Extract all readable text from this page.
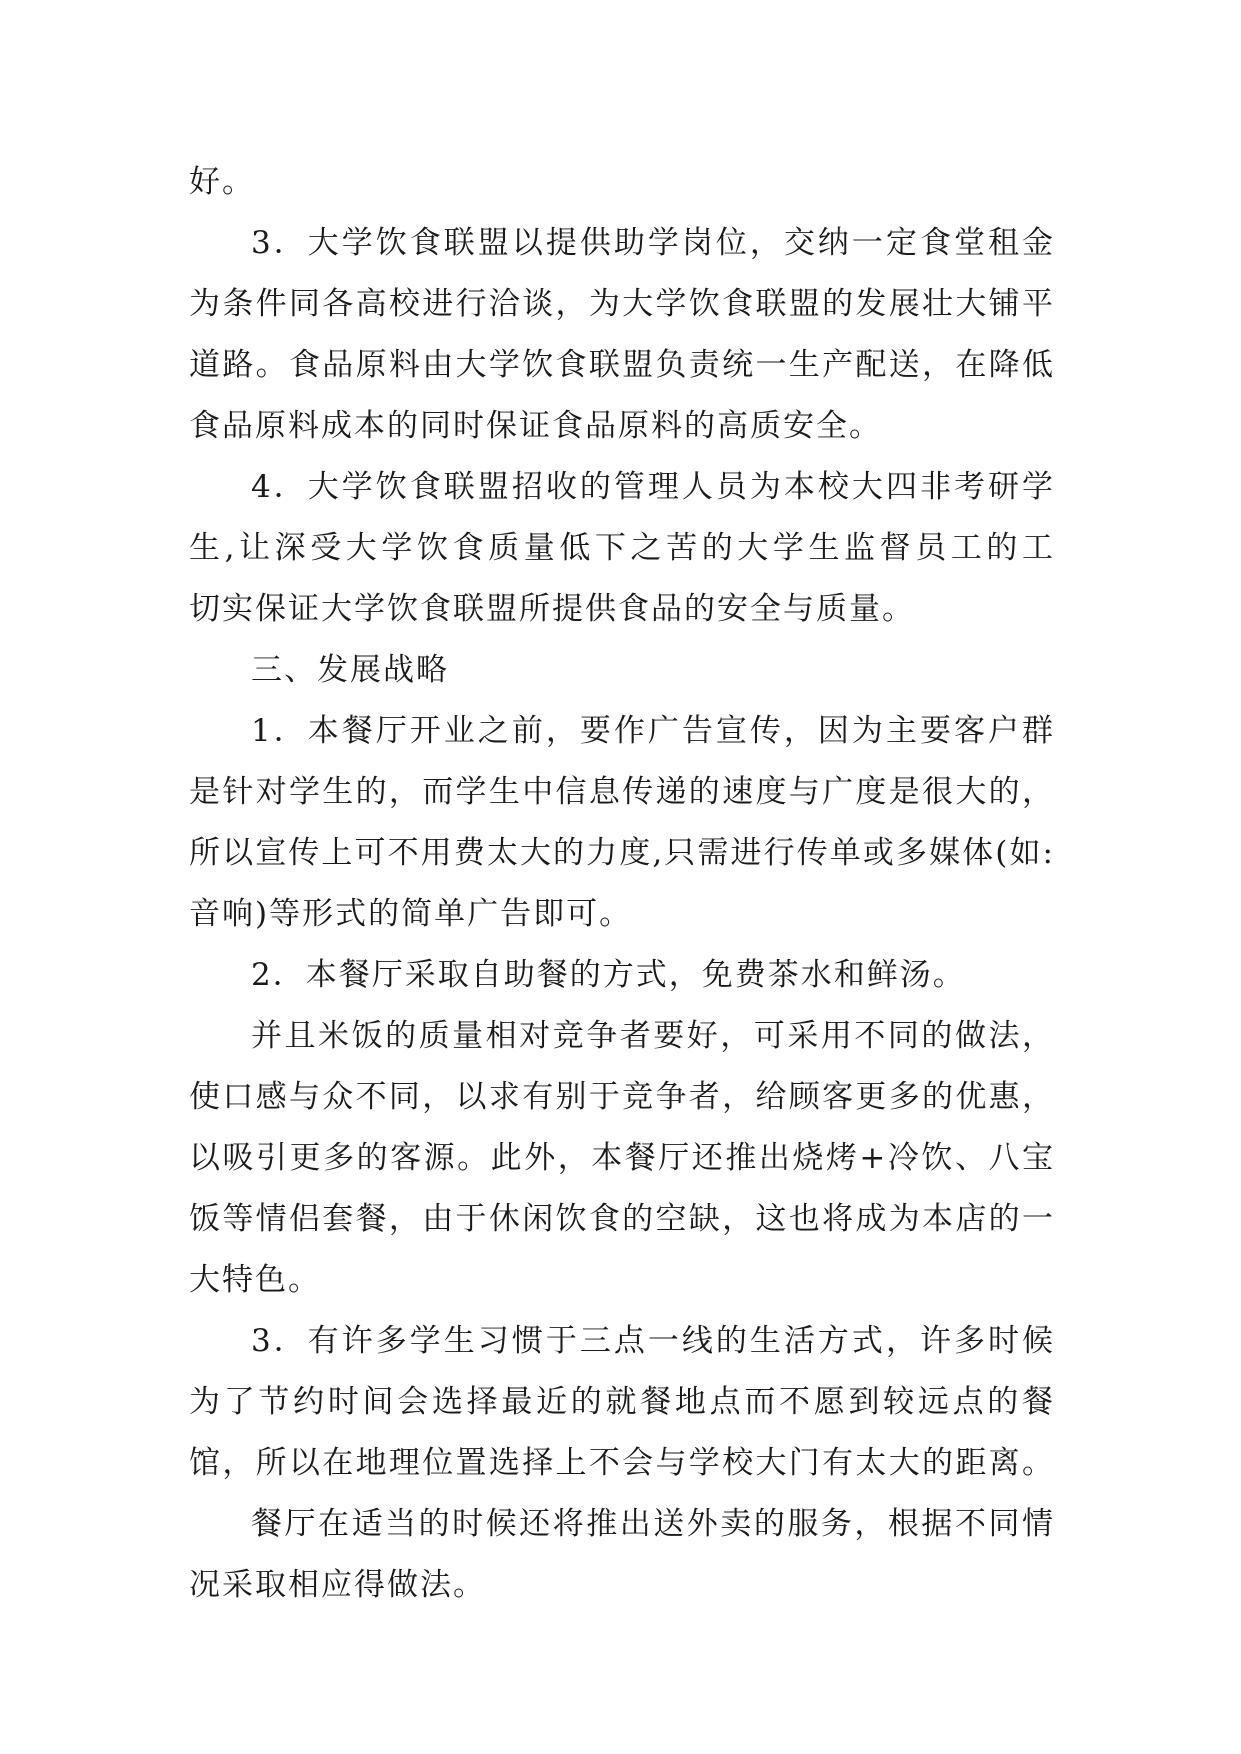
好。
3．大学饮食联盟以提供助学岗位，交纳一定食堂租金
为条件同各高校进行洽谈，为大学饮食联盟的发展壮大铺平
道路。食品原料由大学饮食联盟负责统一生产配送，在降低
食品原料成本的同时保证食品原料的高质安全。
4．大学饮食联盟招收的管理人员为本校大四非考研学
生,让深受大学饮食质量低下之苦的大学生监督员工的工
切实保证大学饮食联盟所提供食品的安全与质量。
三、发展战略
1．本餐厅开业之前，要作广告宣传，因为主要客户群
是针对学生的，而学生中信息传递的速度与广度是很大的，
所以宣传上可不用费太大的力度,只需进行传单或多媒体(如:
音响)等形式的简单广告即可。
2．本餐厅采取自助餐的方式，免费茶水和鲜汤。
并且米饭的质量相对竞争者要好，可采用不同的做法，
使口感与众不同，以求有别于竞争者，给顾客更多的优惠，
以吸引更多的客源。此外，本餐厅还推出烧烤+冷饮、八宝
饭等情侣套餐，由于休闲饮食的空缺，这也将成为本店的一
大特色。
3．有许多学生习惯于三点一线的生活方式，许多时候
为了节约时间会选择最近的就餐地点而不愿到较远点的餐
馆，所以在地理位置选择上不会与学校大门有太大的距离。
餐厅在适当的时候还将推出送外卖的服务，根据不同情
况采取相应得做法。
